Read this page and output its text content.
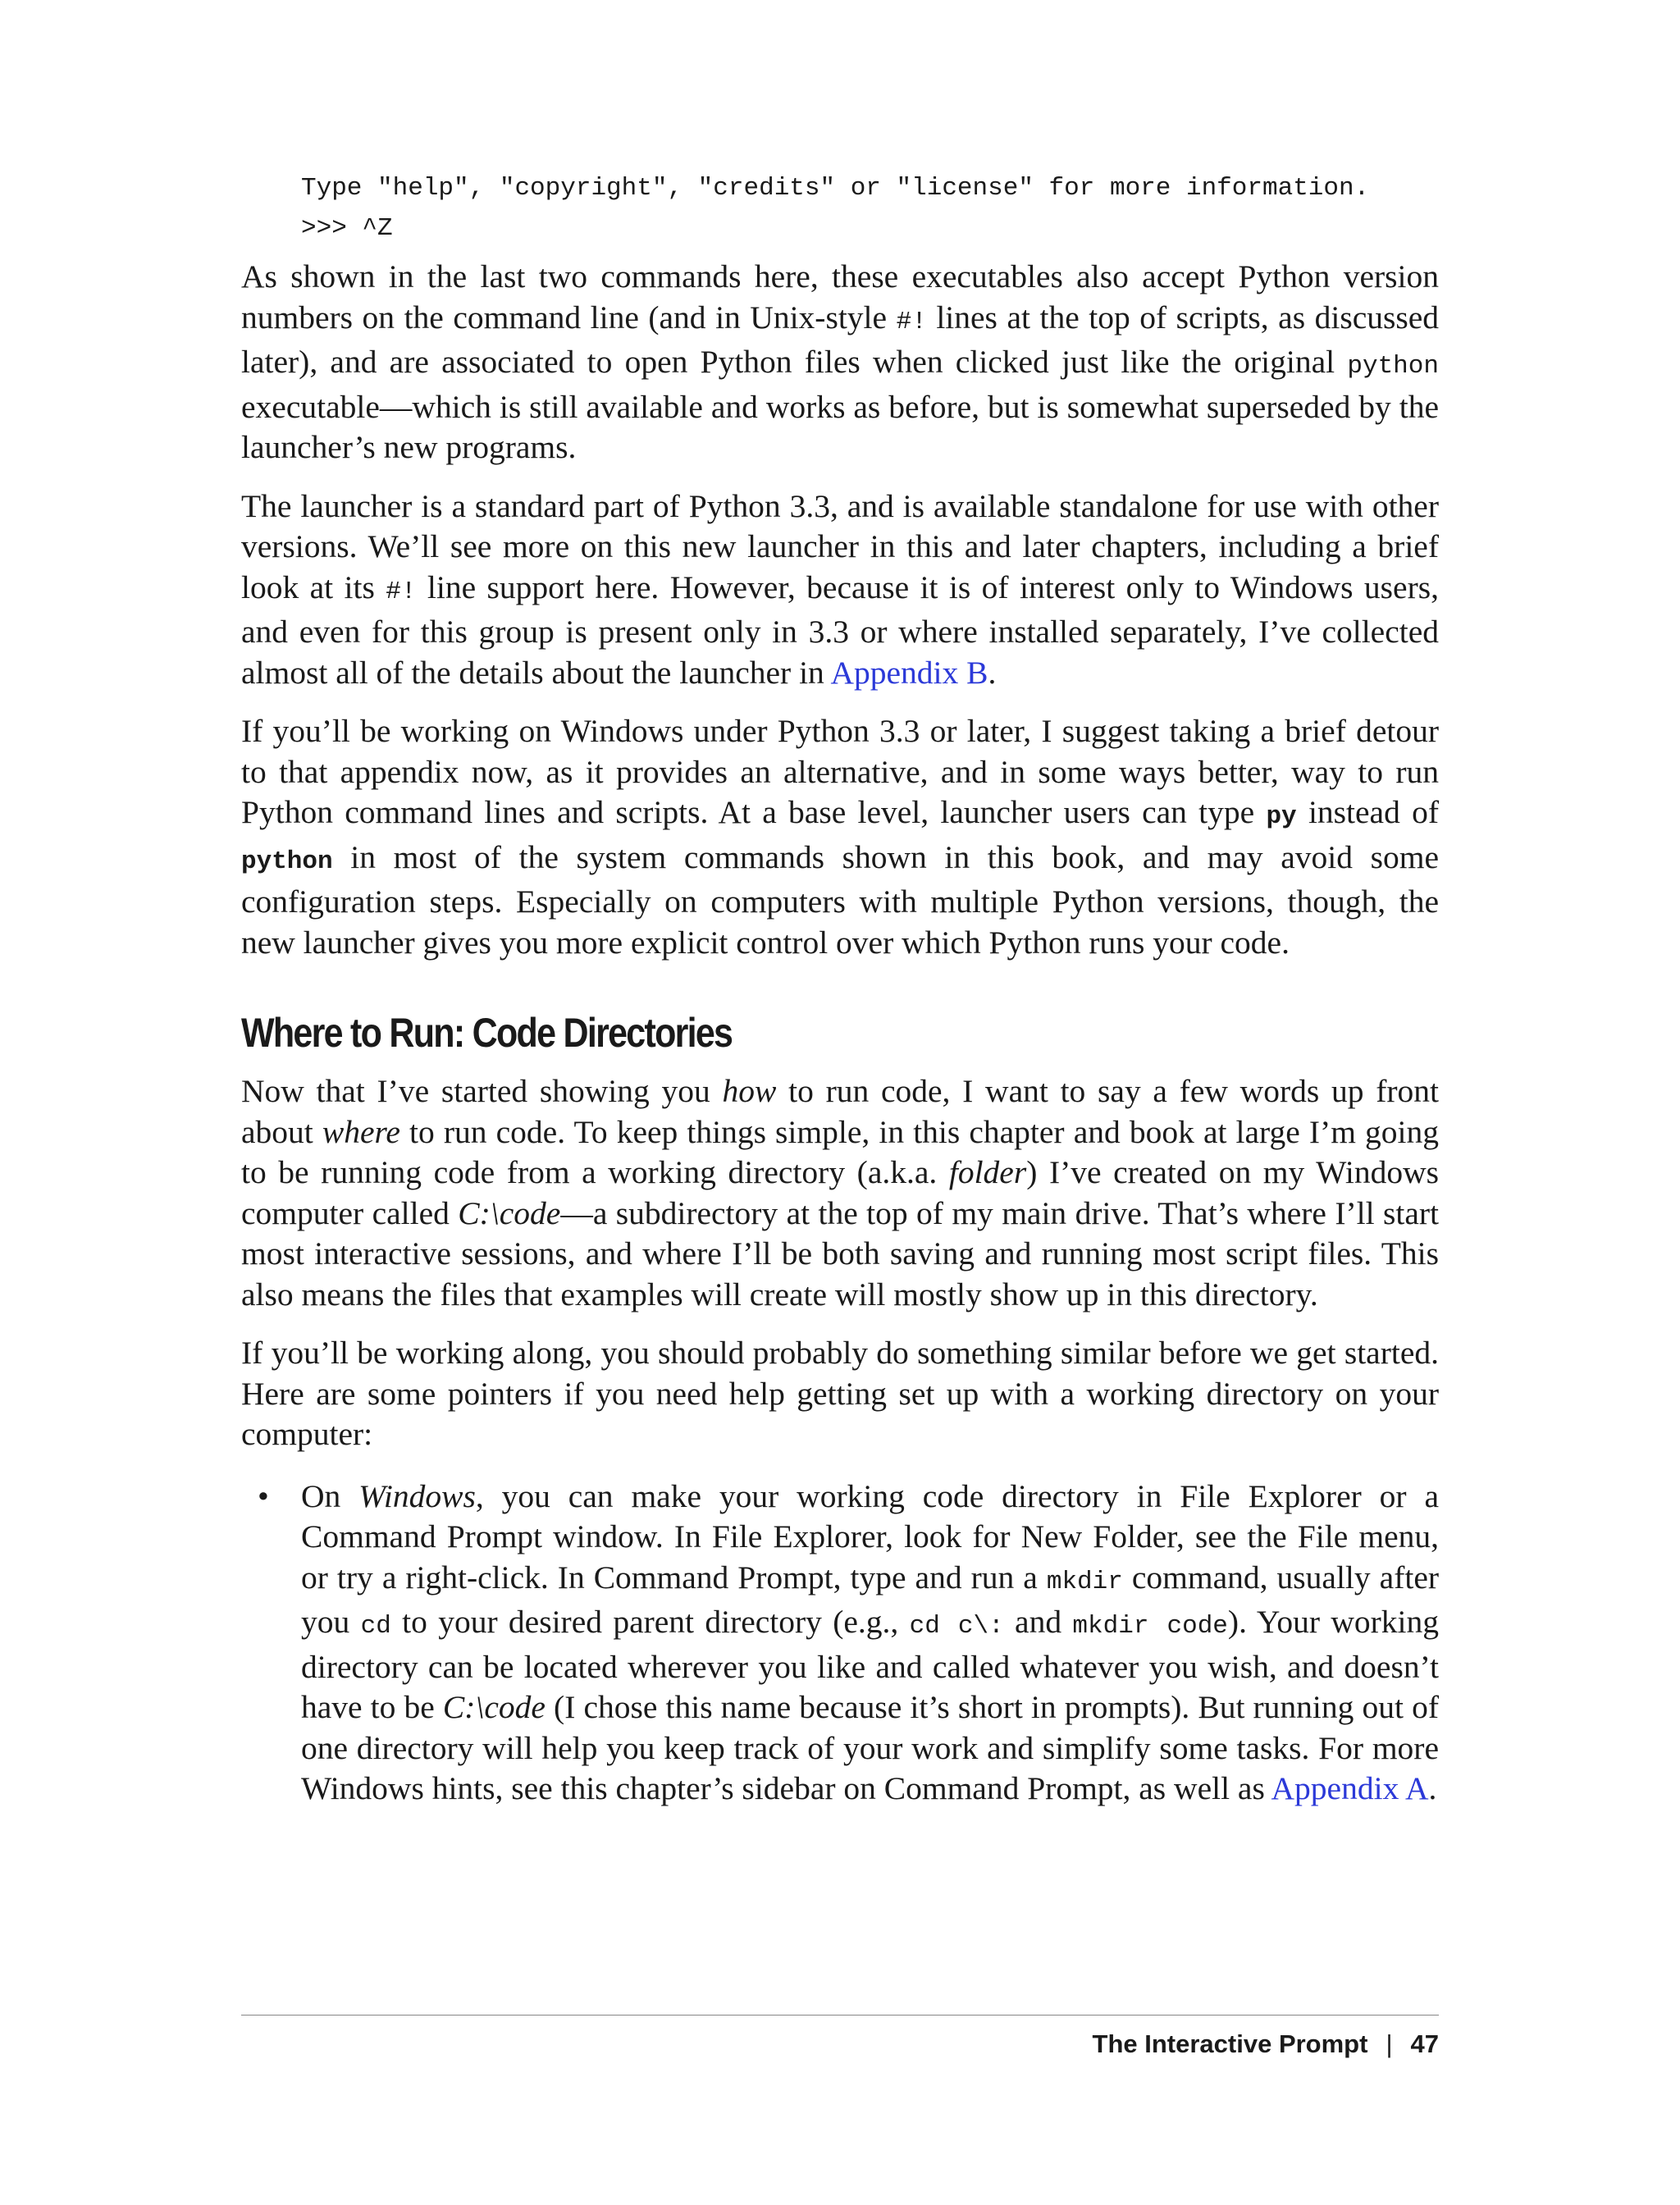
Type "help", "copyright", "credits" or "license" for more information.
>>> ^Z

As shown in the last two commands here, these executables also accept Python version numbers on the command line (and in Unix-style #! lines at the top of scripts, as discussed later), and are associated to open Python files when clicked just like the original python executable—which is still available and works as before, but is somewhat superseded by the launcher’s new programs.

The launcher is a standard part of Python 3.3, and is available standalone for use with other versions. We’ll see more on this new launcher in this and later chapters, including a brief look at its #! line support here. However, because it is of interest only to Windows users, and even for this group is present only in 3.3 or where installed separately, I’ve collected almost all of the details about the launcher in Appendix B.

If you’ll be working on Windows under Python 3.3 or later, I suggest taking a brief detour to that appendix now, as it provides an alternative, and in some ways better, way to run Python command lines and scripts. At a base level, launcher users can type py instead of python in most of the system commands shown in this book, and may avoid some configuration steps. Especially on computers with multiple Python versions, though, the new launcher gives you more explicit control over which Python runs your code.

Where to Run: Code Directories

Now that I’ve started showing you how to run code, I want to say a few words up front about where to run code. To keep things simple, in this chapter and book at large I’m going to be running code from a working directory (a.k.a. folder) I’ve created on my Windows computer called C:\code—a subdirectory at the top of my main drive. That’s where I’ll start most interactive sessions, and where I’ll be both saving and running most script files. This also means the files that examples will create will mostly show up in this directory.

If you’ll be working along, you should probably do something similar before we get started. Here are some pointers if you need help getting set up with a working directory on your computer:

• On Windows, you can make your working code directory in File Explorer or a Command Prompt window. In File Explorer, look for New Folder, see the File menu, or try a right-click. In Command Prompt, type and run a mkdir command, usually after you cd to your desired parent directory (e.g., cd c\: and mkdir code). Your working directory can be located wherever you like and called whatever you wish, and doesn’t have to be C:\code (I chose this name because it’s short in prompts). But running out of one directory will help you keep track of your work and simplify some tasks. For more Windows hints, see this chapter’s sidebar on Command Prompt, as well as Appendix A.

The Interactive Prompt | 47
